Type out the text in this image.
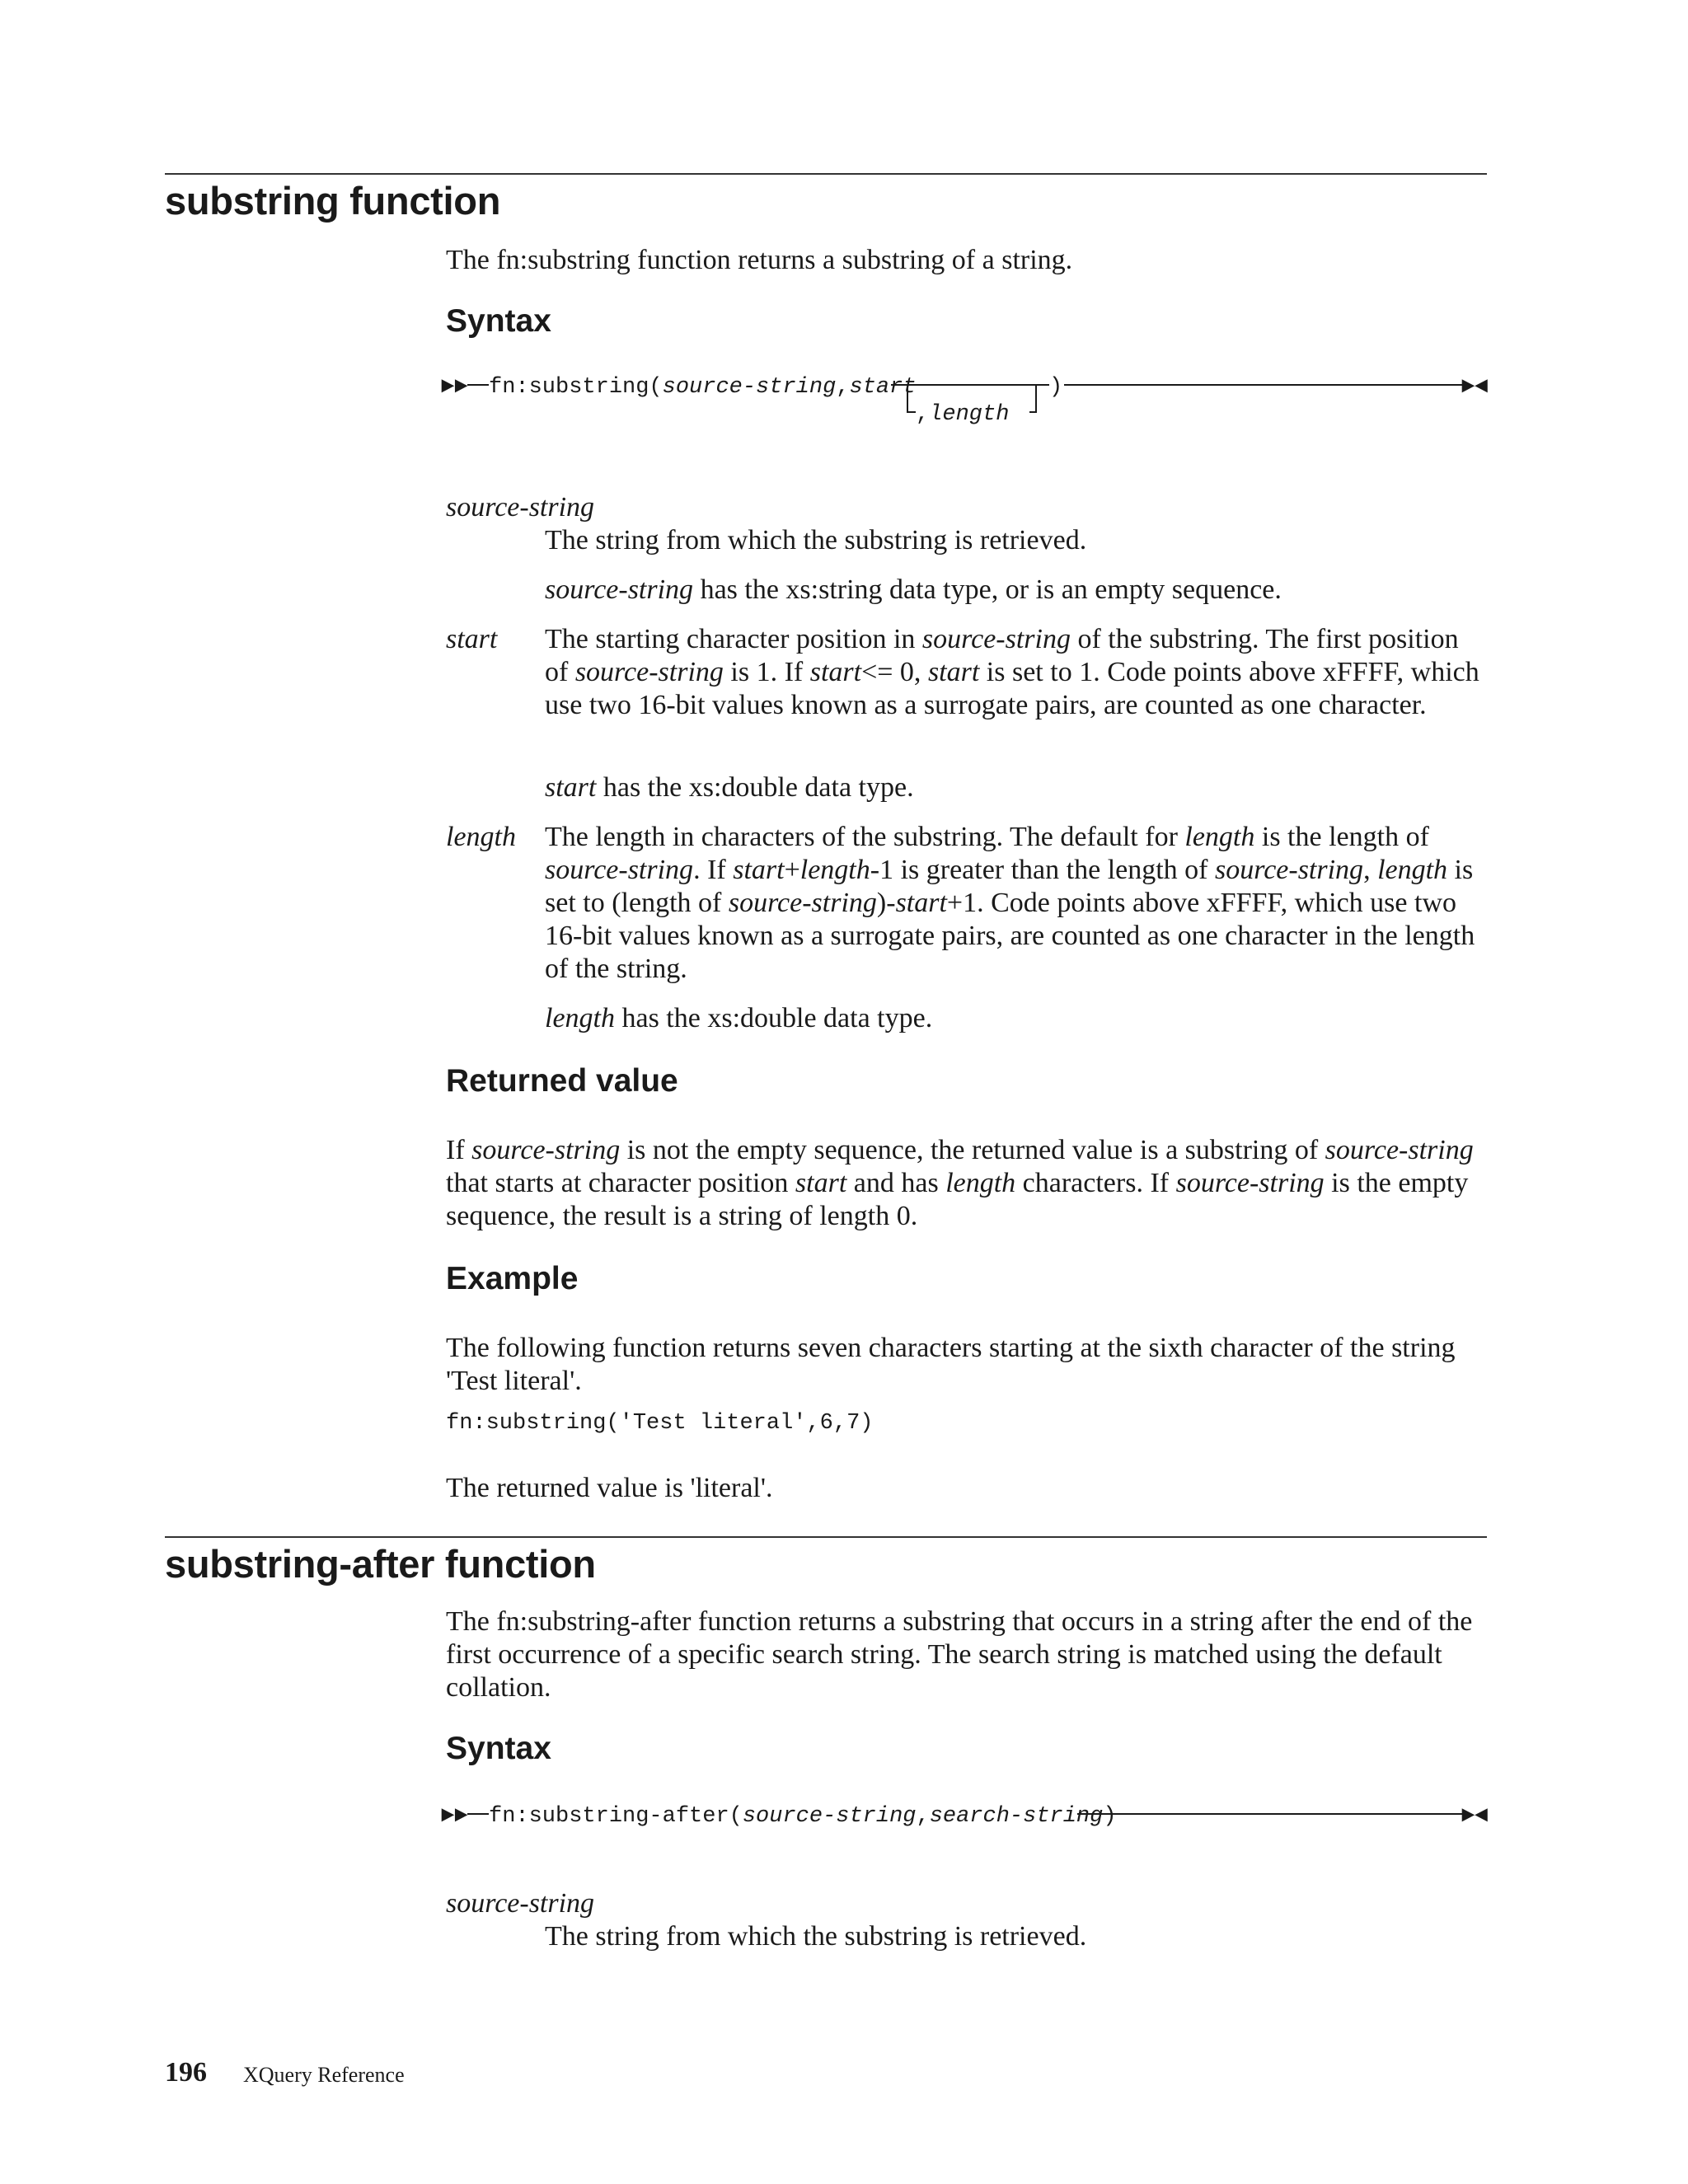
substring function

The fn:substring function returns a substring of a string.

Syntax
►► fn:substring(source-string,start
,length
)	►◄

source-string

The string from which the substring is retrieved.

source-string has the xs:string data type, or is an empty sequence.

start The starting character position in source-string of the substring. The first position of source-string is 1. If start<= 0, start is set to 1. Code points above xFFFF, which use two 16-bit values known as a surrogate pairs, are counted as one character.

start has the xs:double data type.

length The length in characters of the substring. The default for length is the length of source-string. If start+length-1 is greater than the length of source-string, length is set to (length of source-string)-start+1. Code points above xFFFF, which use two 16-bit values known as a surrogate pairs, are counted as one character in the length of the string.

length has the xs:double data type.

Returned value

If source-string is not the empty sequence, the returned value is a substring of source-string that starts at character position start and has length characters. If source-string is the empty sequence, the result is a string of length 0.

Example

The following function returns seven characters starting at the sixth character of the string 'Test literal'.

fn:substring('Test literal',6,7)

The returned value is 'literal'.

substring-after function

The fn:substring-after function returns a substring that occurs in a string after the end of the first occurrence of a specific search string. The search string is matched using the default collation.

Syntax
►► fn:substring-after(source-string,search-string)	►◄

source-string

The string from which the substring is retrieved.

196 XQuery Reference
